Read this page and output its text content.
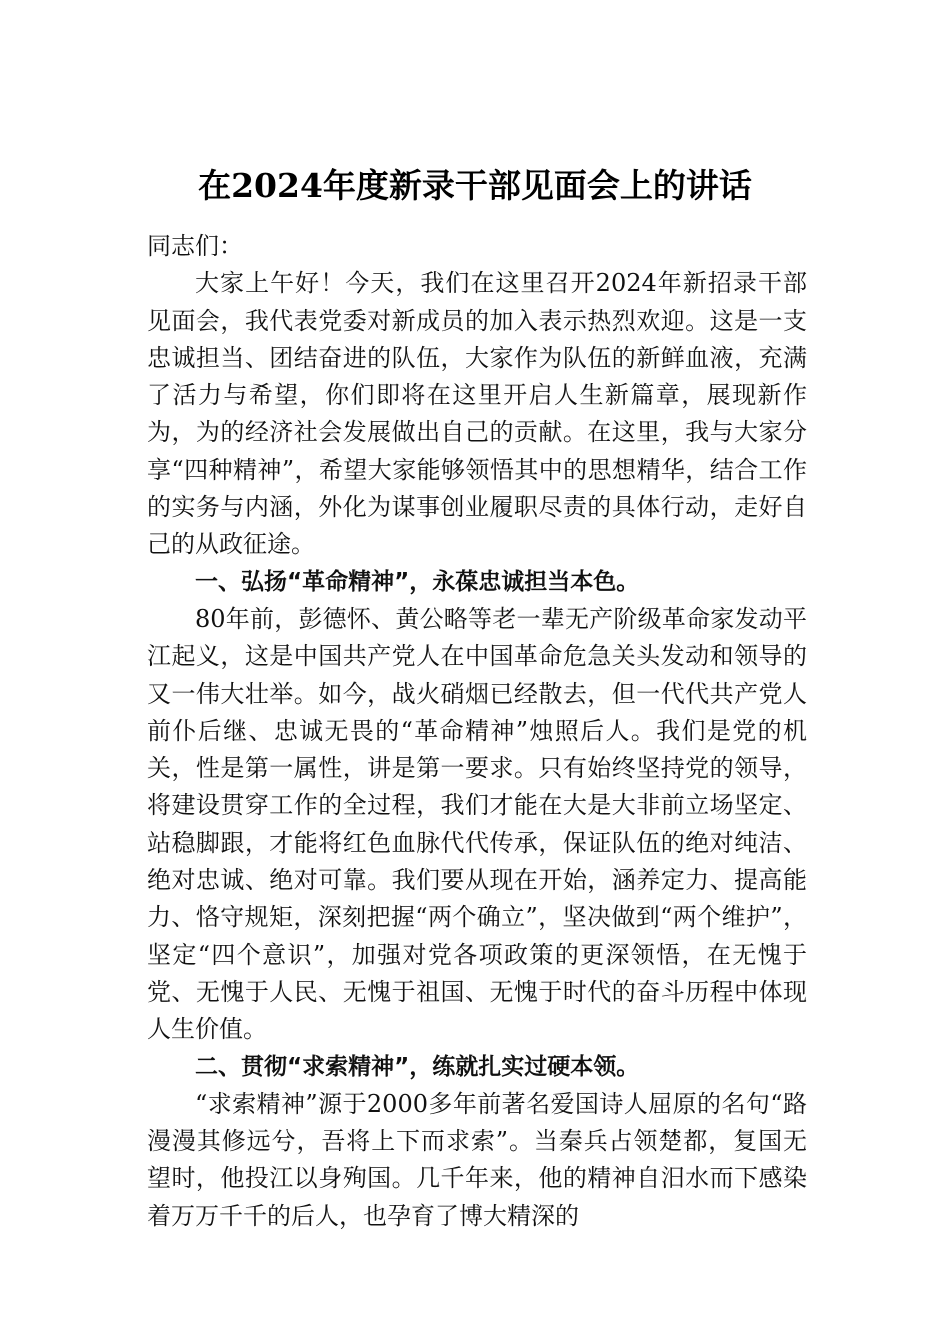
在2024年度新录干部见面会上的讲话

同志们：

大家上午好！今天，我们在这里召开2024年新招录干部见面会，我代表党委对新成员的加入表示热烈欢迎。这是一支忠诚担当、团结奋进的队伍，大家作为队伍的新鲜血液，充满了活力与希望，你们即将在这里开启人生新篇章，展现新作为，为的经济社会发展做出自己的贡献。在这里，我与大家分享“四种精神”，希望大家能够领悟其中的思想精华，结合工作的实务与内涵，外化为谋事创业履职尽责的具体行动，走好自己的从政征途。

一、弘扬“革命精神”，永葆忠诚担当本色。

80年前，彭德怀、黄公略等老一辈无产阶级革命家发动平江起义，这是中国共产党人在中国革命危急关头发动和领导的又一伟大壮举。如今，战火硝烟已经散去，但一代代共产党人前仆后继、忠诚无畏的“革命精神”烛照后人。我们是党的机关，性是第一属性，讲是第一要求。只有始终坚持党的领导，将建设贯穿工作的全过程，我们才能在大是大非前立场坚定、站稳脚跟，才能将红色血脉代代传承，保证队伍的绝对纯洁、绝对忠诚、绝对可靠。我们要从现在开始，涵养定力、提高能力、恪守规矩，深刻把握“两个确立”，坚决做到“两个维护”，坚定“四个意识”，加强对党各项政策的更深领悟，在无愧于党、无愧于人民、无愧于祖国、无愧于时代的奋斗历程中体现人生价值。

二、贯彻“求索精神”，练就扎实过硬本领。

“求索精神”源于2000多年前著名爱国诗人屈原的名句“路漫漫其修远兮，吾将上下而求索”。当秦兵占领楚都，复国无望时，他投江以身殉国。几千年来，他的精神自汨水而下感染着万万千千的后人，也孕育了博大精深的
